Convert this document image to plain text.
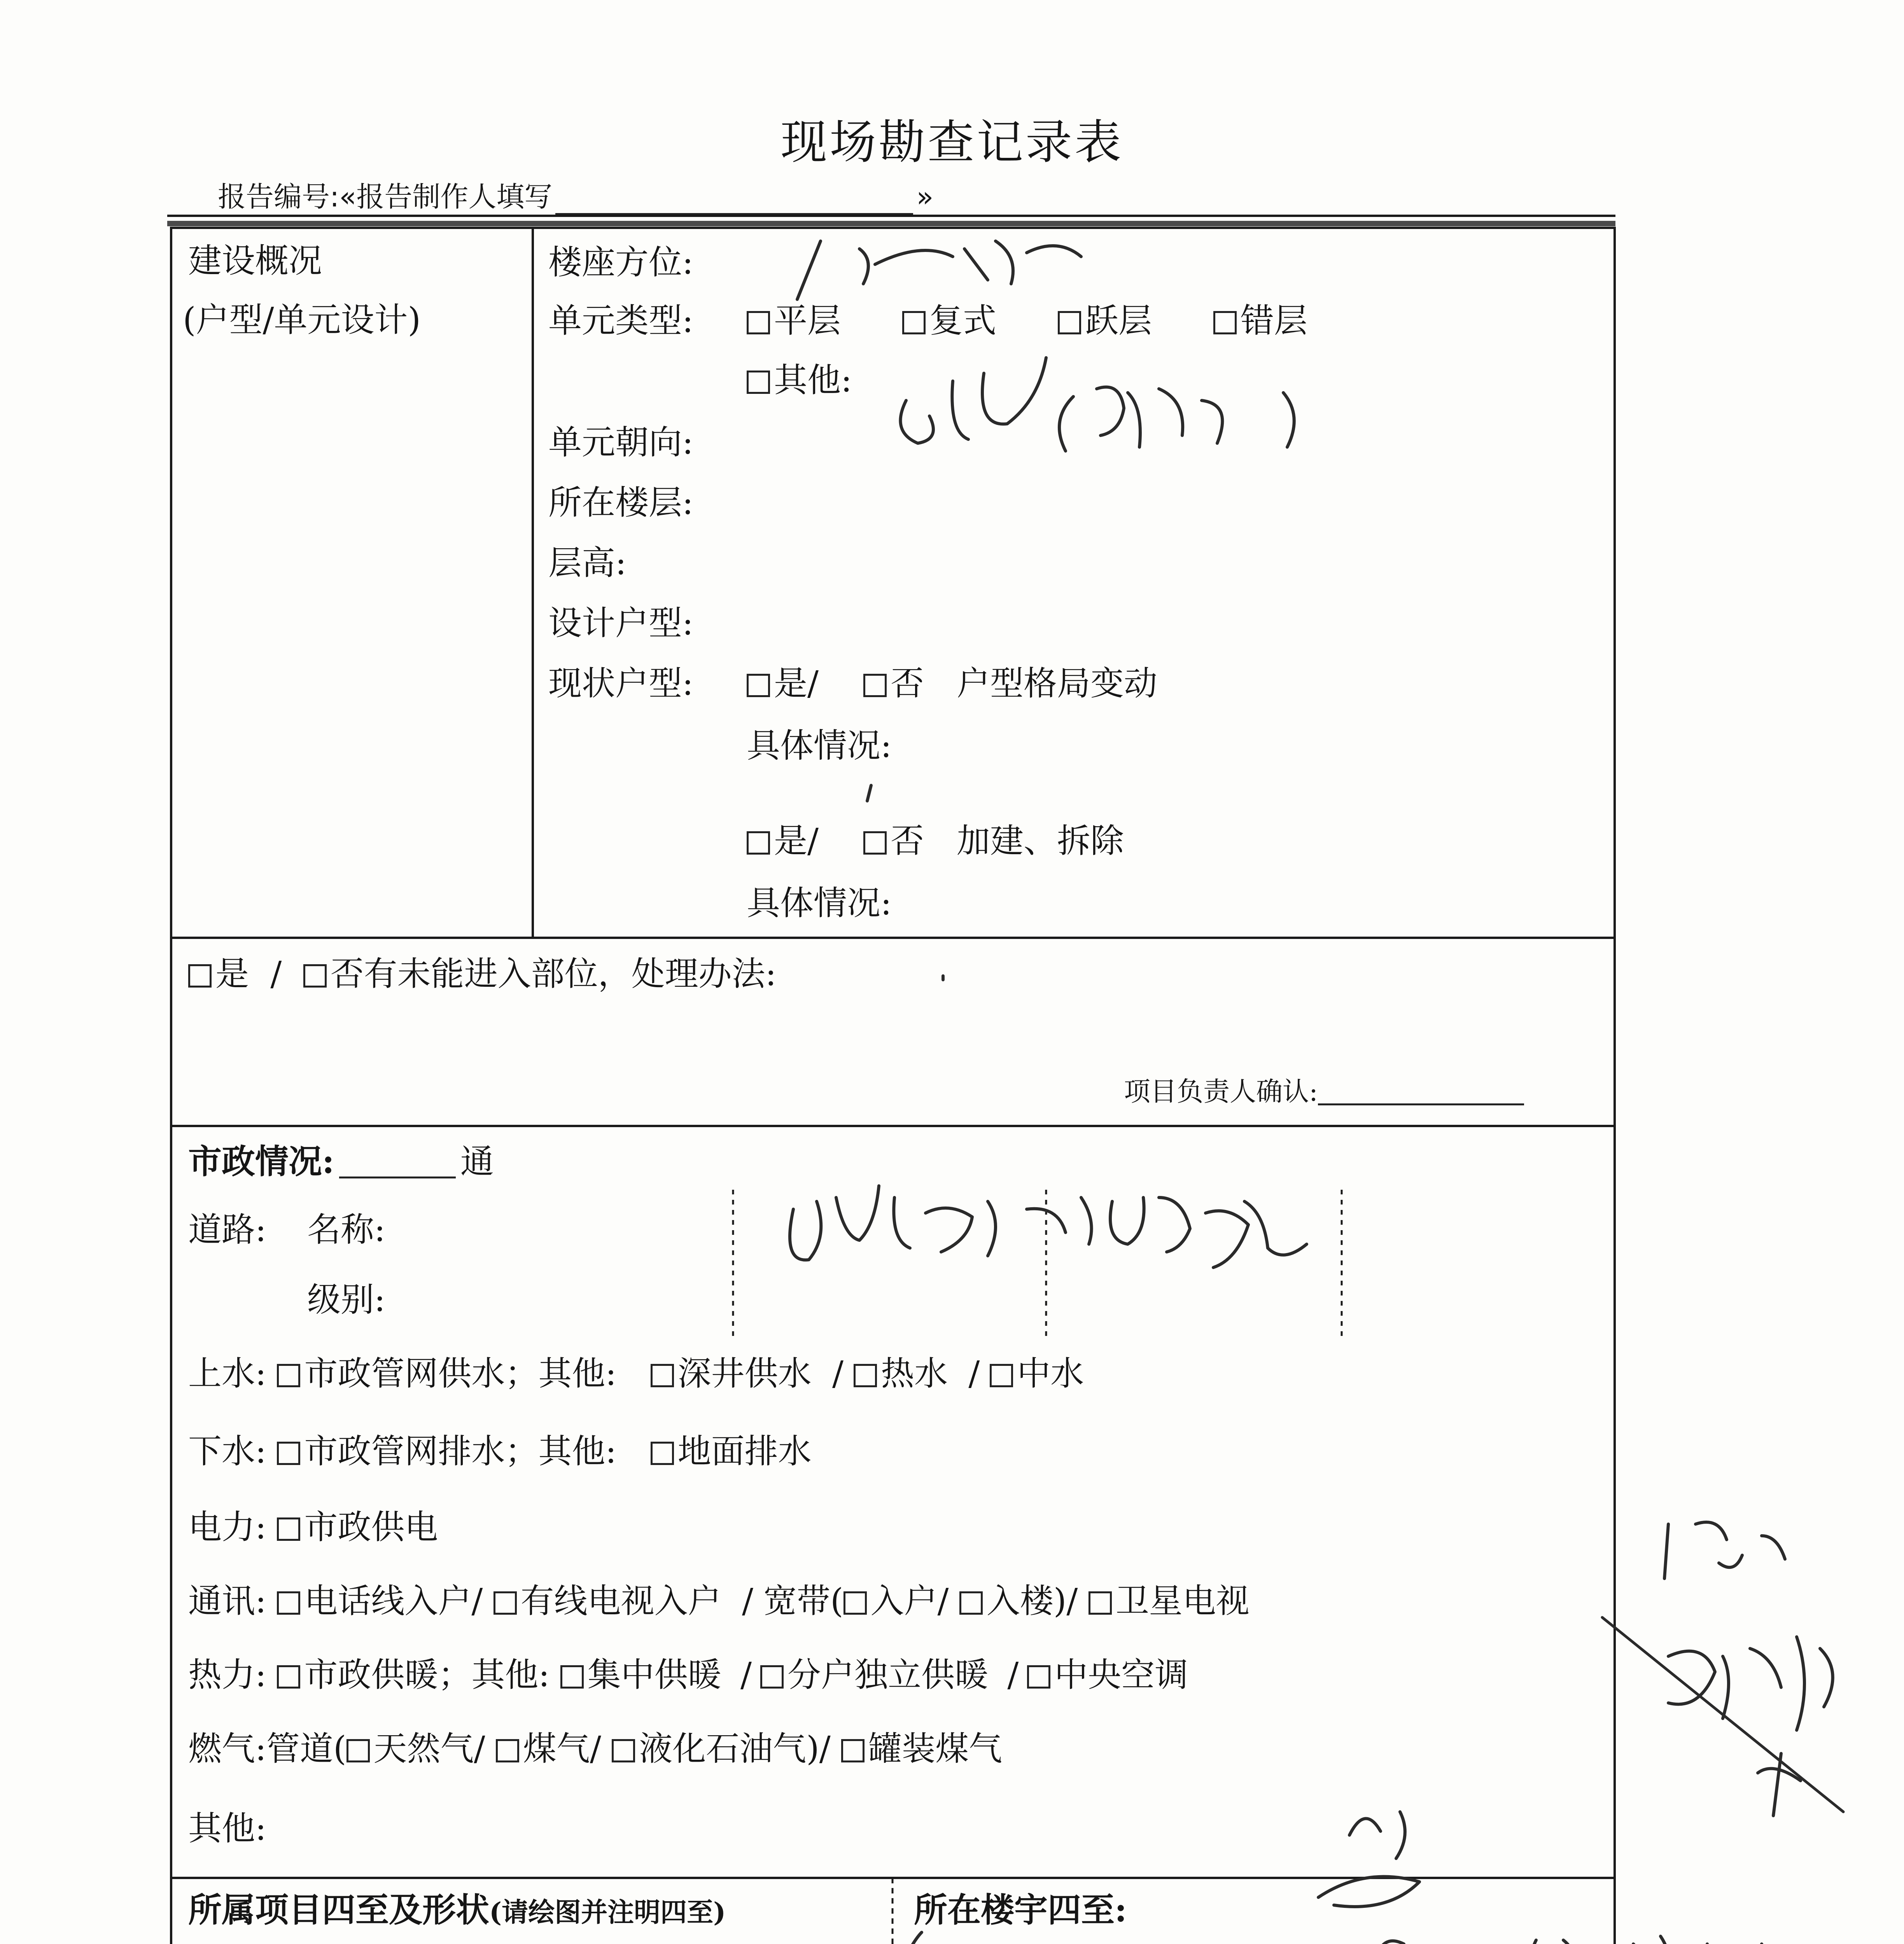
现场勘查记录表
报告编号:«报告制作人填写	»
建设概况
(户型/单元设计)
楼座方位:
单元类型:	平层	复式	跃层	错层
其他:
单元朝向:
所在楼层:
层高:
设计户型:
现状户型:	是/	否 户型格局变动
具体情况:
是/	否 加建、拆除
具体情况:
是 / 否有未能进入部位，处理办法:
项目负责人确认:
市政情况:	通
道路: 名称:
级别:
上水: 市政管网供水；其他: 深井供水 / 热水 / 中水
下水: 市政管网排水；其他: 地面排水
电力: 市政供电
通讯: 电话线入户/ 有线电视入户 / 宽带( 入户/ 入楼)/ 卫星电视
热力: 市政供暖；其他: 集中供暖 / 分户独立供暖 / 中央空调
燃气:管道( 天然气/ 煤气/ 液化石油气)/ 罐装煤气
其他:
所属项目四至及形状(请绘图并注明四至)	所在楼宇四至:
